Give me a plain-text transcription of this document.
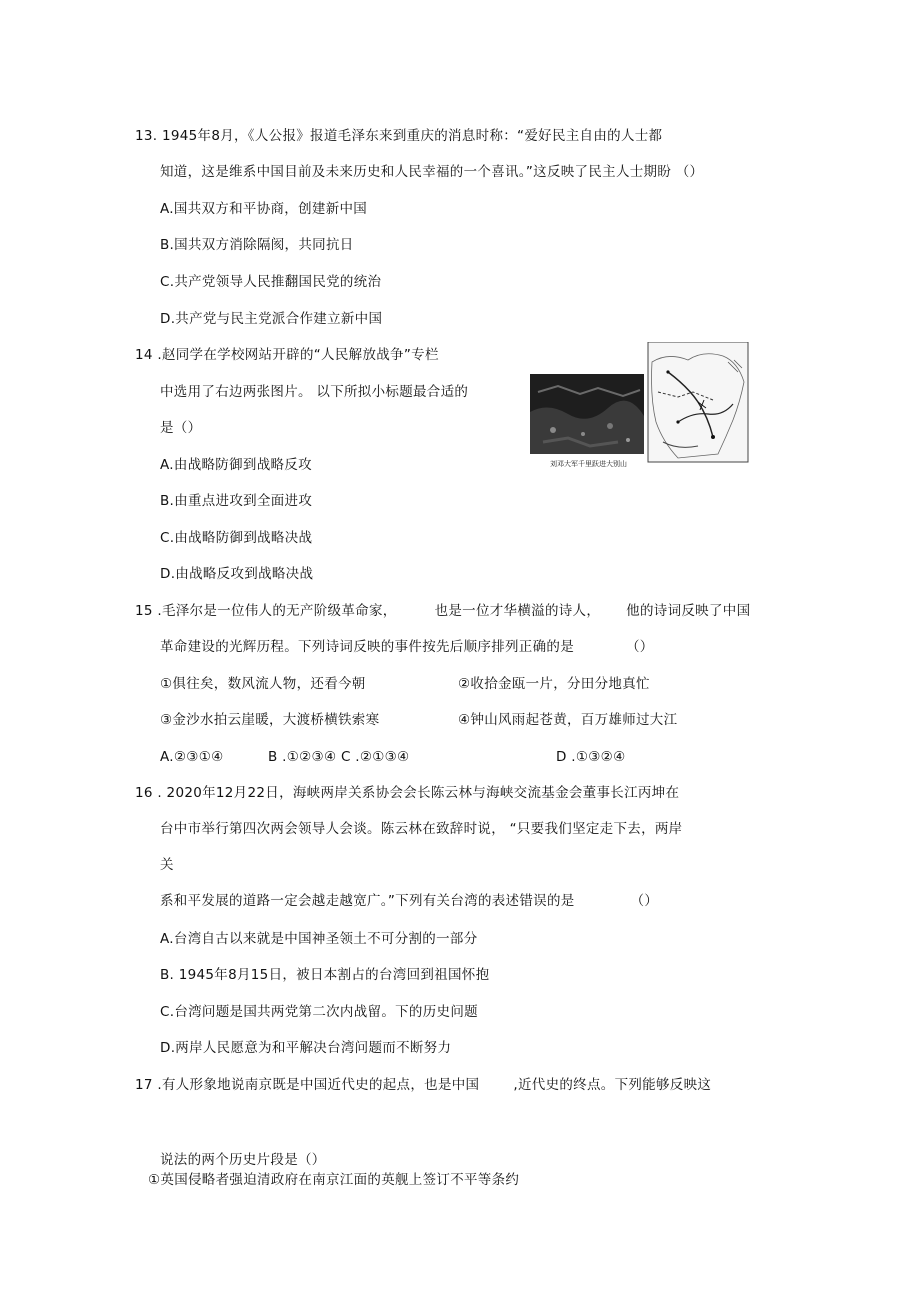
13. 1945年8月，《人公报》报道毛泽东来到重庆的消息时称：“爱好民主自由的人士都
知道，这是维系中国目前及未来历史和人民幸福的一个喜讯。”这反映了民主人士期盼 （）
A.国共双方和平协商，创建新中国
B.国共双方消除隔阂，共同抗日
C.共产党领导人民推翻国民党的统治
D.共产党与民主党派合作建立新中国
14 .赵同学在学校网站开辟的“人民解放战争”专栏
中选用了右边两张图片。 以下所拟小标题最合适的
是（）
A.由战略防御到战略反攻
B.由重点进攻到全面进攻
C.由战略防御到战略决战
D.由战略反攻到战略决战
刘邓大军千里跃进大别山
15 .毛泽尔是一位伟人的无产阶级革命家，	也是一位才华横溢的诗人， 他的诗词反映了中国
革命建设的光辉历程。下列诗词反映的事件按先后顺序排列正确的是	（）
①俱往矣，数风流人物，还看今朝	②收拾金瓯一片，分田分地真忙
③金沙水拍云崖暖，大渡桥横铁索寒	④钟山风雨起苍黄，百万雄师过大江
A.②③①④	B .①②③④ C .②①③④	D .①③②④
16 . 2020年12月22日，海峡两岸关系协会会长陈云林与海峡交流基金会董事长江丙坤在
台中市举行第四次两会领导人会谈。陈云林在致辞时说， “只要我们坚定走下去，两岸
关
系和平发展的道路一定会越走越宽广。”下列有关台湾的表述错误的是	（）
A.台湾自古以来就是中国神圣领土不可分割的一部分
B. 1945年8月15日，被日本割占的台湾回到祖国怀抱
C.台湾问题是国共两党第二次内战留。下的历史问题
D.两岸人民愿意为和平解决台湾问题而不断努力
17 .有人形象地说南京既是中国近代史的起点，也是中国	,近代史的终点。下列能够反映这
说法的两个历史片段是（）
①英国侵略者强迫清政府在南京江面的英舰上签订不平等条约
